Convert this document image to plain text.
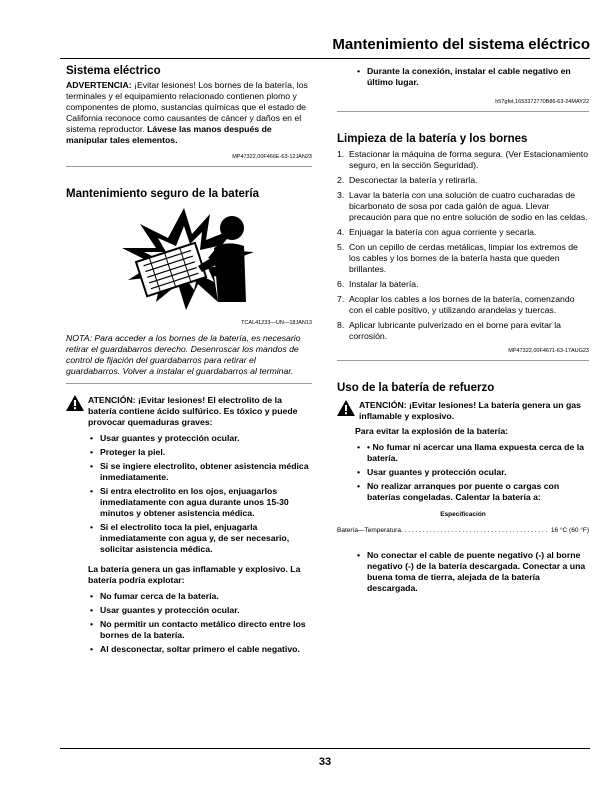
Mantenimiento del sistema eléctrico
Sistema eléctrico

ADVERTENCIA: ¡Evitar lesiones! Los bornes de la batería, los terminales y el equipamiento relacionado contienen plomo y componentes de plomo, sustancias químicas que el estado de California reconoce como causantes de cáncer y daños en el sistema reproductor. Lávese las manos después de manipular tales elementos.

MP47322,00F466E-63-12JAN23
Mantenimiento seguro de la batería
TCAL41233—UN—18JAN13

NOTA: Para acceder a los bornes de la batería, es necesario retirar el guardabarros derecho. Desenroscar los mandos de control de fijación del guardabarros para retirar el guardabarros. Volver a instalar el guardabarros al terminar.

ATENCIÓN: ¡Evitar lesiones! El electrolito de la batería contiene ácido sulfúrico. Es tóxico y puede provocar quemaduras graves:

• Usar guantes y protección ocular.
• Proteger la piel.
• Si se ingiere electrolito, obtener asistencia médica inmediatamente.
• Si entra electrolito en los ojos, enjuagarlos inmediatamente con agua durante unos 15-30 minutos y obtener asistencia médica.
• Si el electrolito toca la piel, enjuagarla inmediatamente con agua y, de ser necesario, solicitar asistencia médica.

La batería genera un gas inflamable y explosivo. La batería podría explotar:

• No fumar cerca de la batería.
• Usar guantes y protección ocular.
• No permitir un contacto metálico directo entre los bornes de la batería.
• Al desconectar, soltar primero el cable negativo.
• Durante la conexión, instalar el cable negativo en último lugar.
h57gfet,1653372770B86-63-24MAY22
Limpieza de la batería y los bornes
1. Estacionar la máquina de forma segura. (Ver Estacionamiento seguro, en la sección Seguridad).
2. Desconectar la batería y retirarla.
3. Lavar la batería con una solución de cuatro cucharadas de bicarbonato de sosa por cada galón de agua. Llevar precaución para que no entre solución de sodio en las celdas.
4. Enjuagar la batería con agua corriente y secarla.
5. Con un cepillo de cerdas metálicas, limpiar los extremos de los cables y los bornes de la batería hasta que queden brillantes.
6. Instalar la batería.
7. Acoplar los cables a los bornes de la batería, comenzando con el cable positivo, y utilizando arandelas y tuercas.
8. Aplicar lubricante pulverizado en el borne para evitar la corrosión.
MP47322,00F4671-63-17AUG23
Uso de la batería de refuerzo

ATENCIÓN: ¡Evitar lesiones! La batería genera un gas inflamable y explosivo.

Para evitar la explosión de la batería:

• • No fumar ni acercar una llama expuesta cerca de la batería.
• Usar guantes y protección ocular.
• No realizar arranques por puente o cargas con baterías congeladas. Calentar la batería a:
Especificación
Batería—Temperatura. . . . . . . . . . . . . . . . . . . . . . . . . . . . . . . . . . . . . . . . . 16 °C (60 °F)
• No conectar el cable de puente negativo (-) al borne negativo (-) de la batería descargada. Conectar a una buena toma de tierra, alejada de la batería descargada.
33
